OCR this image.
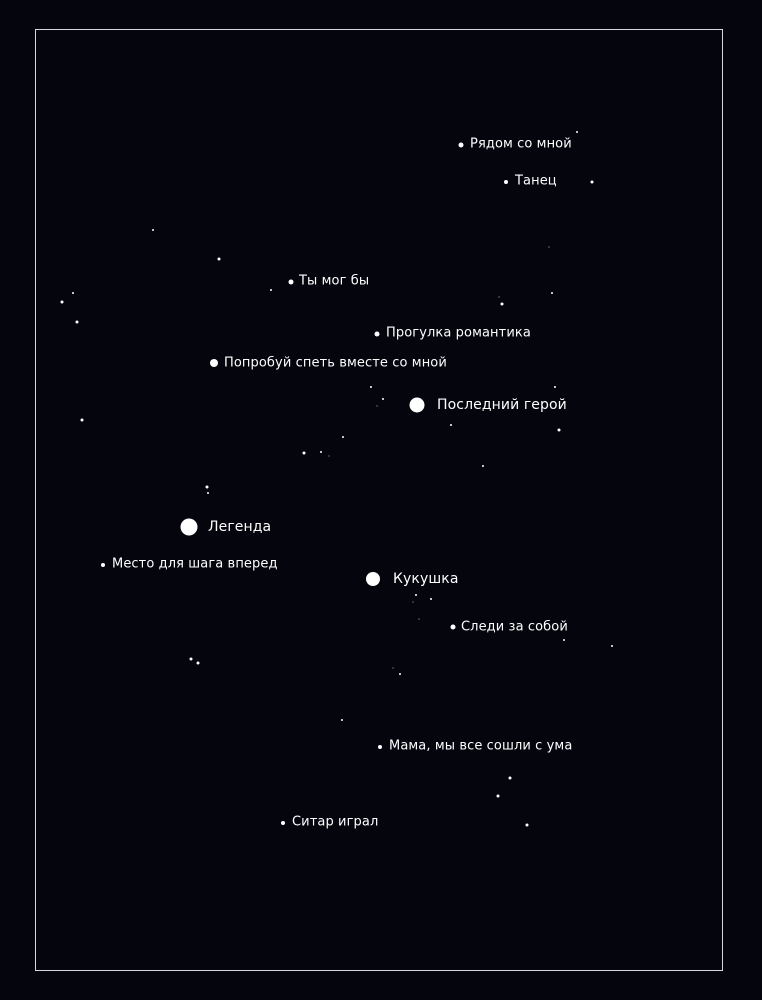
Рядом со мной
Танец
Ты мог бы
Прогулка романтика
Попробуй спеть вместе со мной
Последний герой
Легенда
Место для шага вперед
Кукушка
Следи за собой
Мама, мы все сошли с ума
Ситар играл
